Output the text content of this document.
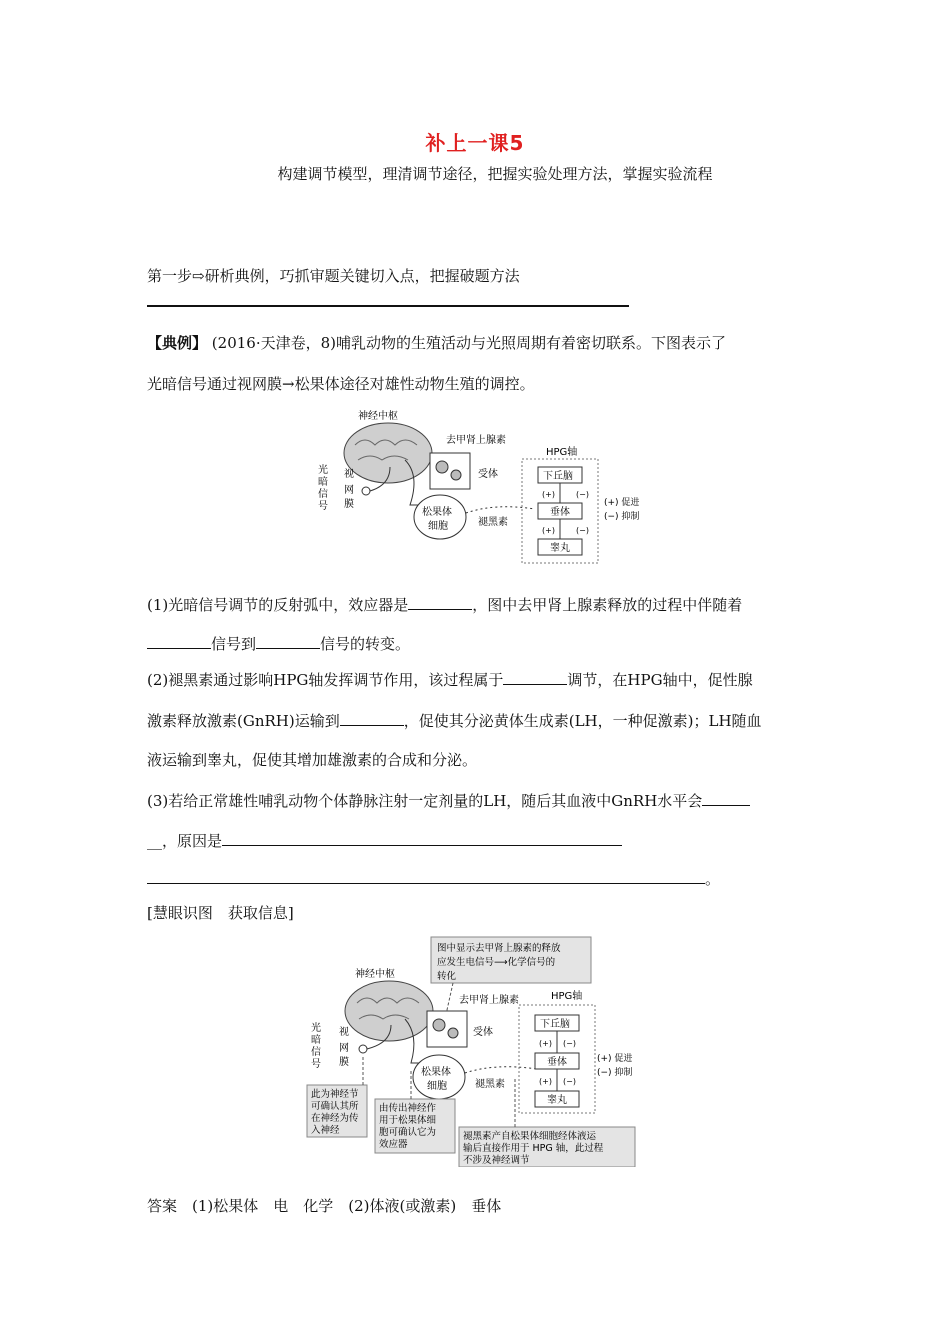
补上一课5
构建调节模型，理清调节途径，把握实验处理方法，掌握实验流程
第一步⇨研析典例，巧抓审题关键切入点，把握破题方法
【典例】 (2016·天津卷，8)哺乳动物的生殖活动与光照周期有着密切联系。下图表示了
光暗信号通过视网膜→松果体途径对雄性动物生殖的调控。
神经中枢
光
暗
信
号
视
网
膜
去甲肾上腺素
受体
松果体
细胞	褪黑素
HPG轴
下丘脑
垂体
睾丸
(+)	(−)
(+)	(−)
(+) 促进
(−) 抑制
(1)光暗信号调节的反射弧中，效应器是	，图中去甲肾上腺素释放的过程中伴随着
信号到	信号的转变。
(2)褪黑素通过影响HPG轴发挥调节作用，该过程属于	调节，在HPG轴中，促性腺
激素释放激素(GnRH)运输到	，促使其分泌黄体生成素(LH，一种促激素)；LH随血
液运输到睾丸，促使其增加雄激素的合成和分泌。
(3)若给正常雄性哺乳动物个体静脉注射一定剂量的LH，随后其血液中GnRH水平会
__，原因是
。
[慧眼识图　获取信息]
图中显示去甲肾上腺素的释放
应发生电信号⟶化学信号的
转化
神经中枢
光
暗
信
号
视
网
膜
去甲肾上腺素
受体
松果体
细胞	褪黑素
HPG轴
下丘脑
垂体
睾丸
(+) (−)
(+) (−)
(+) 促进
(−) 抑制
此为神经节
可确认其所
在神经为传
入神经
由传出神经作
用于松果体细
胞可确认它为
效应器
褪黑素产自松果体细胞经体液运
输后直接作用于 HPG 轴，此过程
不涉及神经调节
答案　(1)松果体　电　化学　(2)体液(或激素)　垂体
